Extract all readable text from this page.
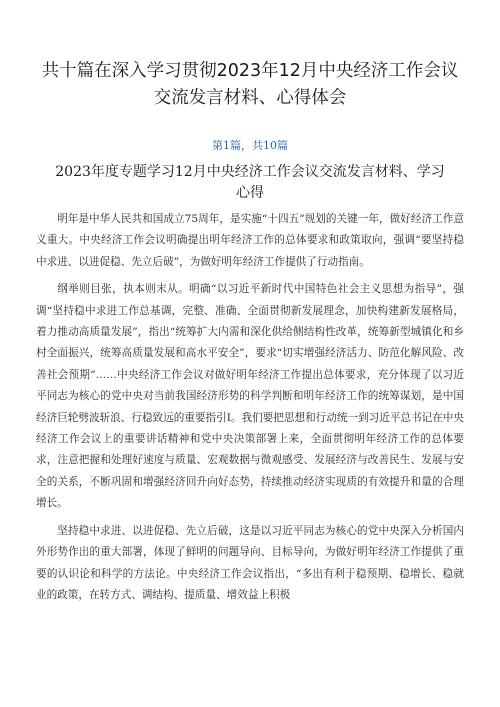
共十篇在深入学习贯彻2023年12月中央经济工作会议
交流发言材料、心得体会
第1篇，共10篇
2023年度专题学习12月中央经济工作会议交流发言材料、学习
心得

明年是中华人民共和国成立75周年，是实施“十四五”规划的关键一年，做好经济工作意义重大。中央经济工作会议明确提出明年经济工作的总体要求和政策取向，强调“要坚持稳中求进、以进促稳、先立后破”，为做好明年经济工作提供了行动指南。

纲举则目张，执本则末从。明确“以习近平新时代中国特色社会主义思想为指导”，强调“坚持稳中求进工作总基调，完整、准确、全面贯彻新发展理念，加快构建新发展格局，着力推动高质量发展”，指出“统筹扩大内需和深化供给侧结构性改革，统筹新型城镇化和乡村全面振兴，统筹高质量发展和高水平安全”，要求“切实增强经济活力、防范化解风险、改善社会预期”……中央经济工作会议对做好明年经济工作提出总体要求，充分体现了以习近平同志为核心的党中央对当前我国经济形势的科学判断和明年经济工作的统筹谋划，是中国经济巨轮劈波斩浪、行稳致远的重要指引I。我们要把思想和行动统一到习近平总书记在中央经济工作会议上的重要讲话精神和党中央决策部署上来，全面贯彻明年经济工作的总体要求，注意把握和处理好速度与质量、宏观数据与微观感受、发展经济与改善民生、发展与安全的关系，不断巩固和增强经济回升向好态势，持续推动经济实现质的有效提升和量的合理增长。

坚持稳中求进、以进促稳、先立后破，这是以习近平同志为核心的党中央深入分析国内外形势作出的重大部署，体现了鲜明的问题导向、目标导向，为做好明年经济工作提供了重要的认识论和科学的方法论。中央经济工作会议指出，“多出有利于稳预期、稳增长、稳就业的政策，在转方式、调结构、提质量、增效益上积极
